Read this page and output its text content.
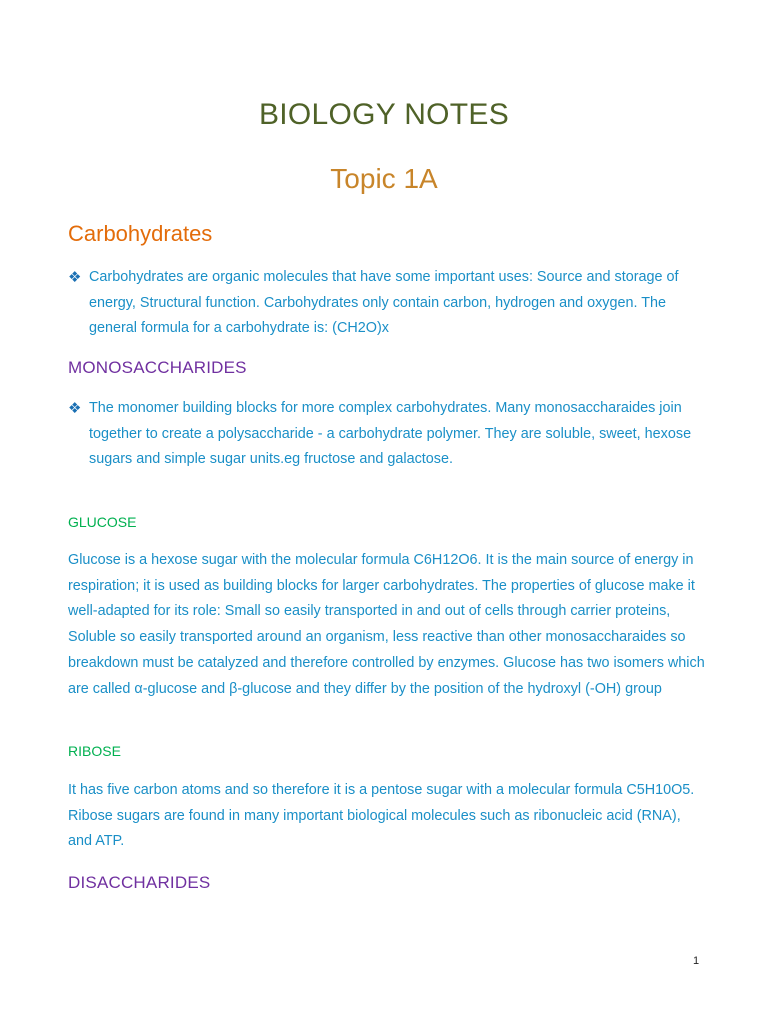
BIOLOGY NOTES
Topic 1A
Carbohydrates
❖ Carbohydrates are organic molecules that have some important uses: Source and storage of energy, Structural function. Carbohydrates only contain carbon, hydrogen and oxygen. The general formula for a carbohydrate is: (CH2O)x
MONOSACCHARIDES
❖ The monomer building blocks for more complex carbohydrates. Many monosaccharaides join together to create a polysaccharide - a carbohydrate polymer. They are soluble, sweet, hexose sugars and simple sugar units.eg fructose and galactose.
GLUCOSE
Glucose is a hexose sugar with the molecular formula C6H12O6. It is the main source of energy in respiration; it is used as building blocks for larger carbohydrates. The properties of glucose make it well-adapted for its role: Small so easily transported in and out of cells through carrier proteins, Soluble so easily transported around an organism, less reactive than other monosaccharaides so breakdown must be catalyzed and therefore controlled by enzymes. Glucose has two isomers which are called α-glucose and β-glucose and they differ by the position of the hydroxyl (-OH) group
RIBOSE
It has five carbon atoms and so therefore it is a pentose sugar with a molecular formula C5H10O5. Ribose sugars are found in many important biological molecules such as ribonucleic acid (RNA), and ATP.
DISACCHARIDES
1
